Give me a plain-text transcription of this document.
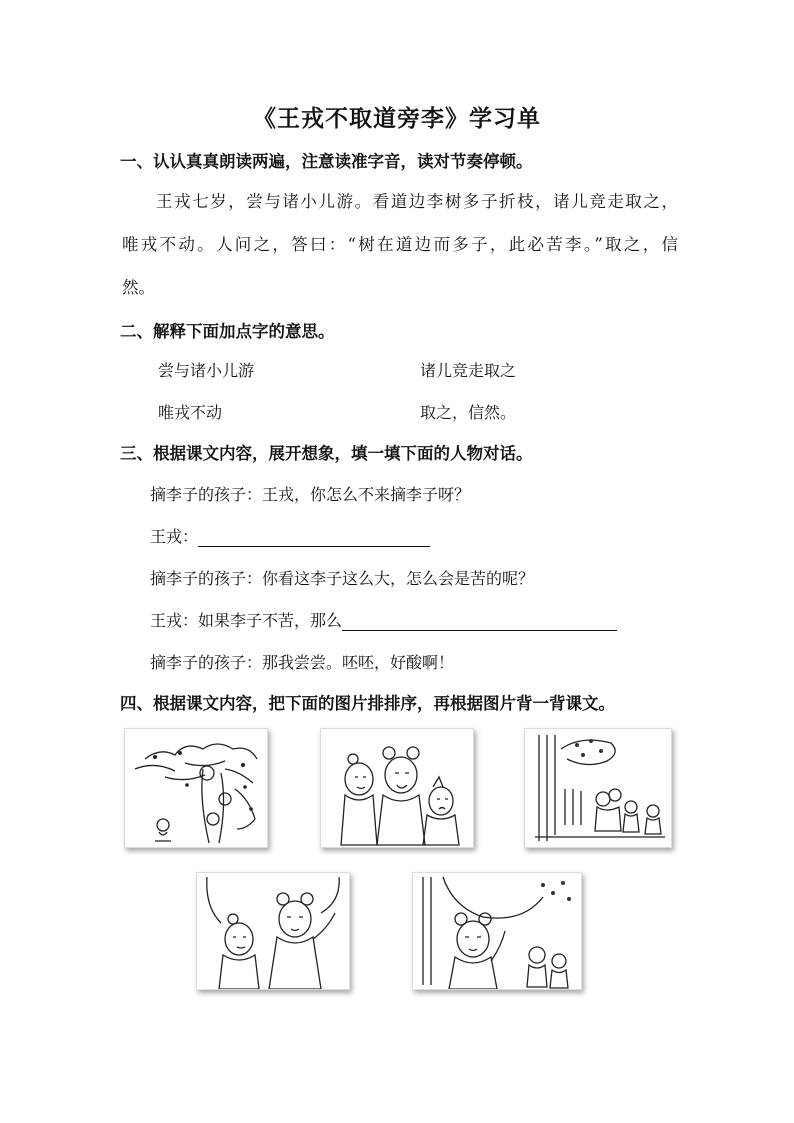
《王戎不取道旁李》学习单
一、认认真真朗读两遍，注意读准字音，读对节奏停顿。
王戎七岁，尝与诸小儿游。看道边李树多子折枝，诸儿竞走取之，
唯戎不动。人问之，答曰：“树在道边而多子，此必苦李。”取之，信
然。
二、解释下面加点字的意思。
尝与诸小儿游	诸儿竞走取之
唯戎不动	取之，信然。
三、根据课文内容，展开想象，填一填下面的人物对话。
摘李子的孩子：王戎，你怎么不来摘李子呀？
王戎：
摘李子的孩子：你看这李子这么大，怎么会是苦的呢？
王戎：如果李子不苦，那么
摘李子的孩子：那我尝尝。呸呸，好酸啊！
四、根据课文内容，把下面的图片排排序，再根据图片背一背课文。
